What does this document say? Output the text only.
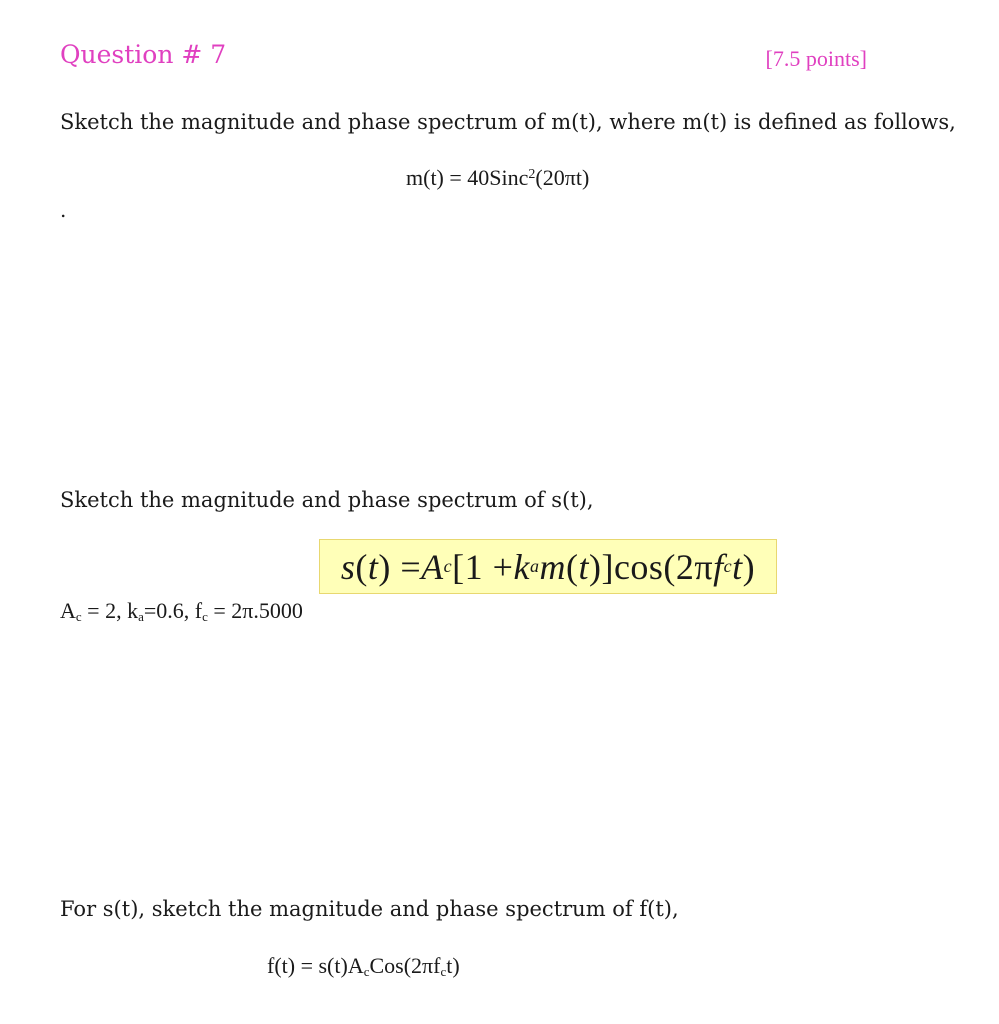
Question # 7	[7.5 points]
Sketch the magnitude and phase spectrum of m(t), where m(t) is defined as follows,
m(t) = 40Sinc$^2$(20πt)
.
Sketch the magnitude and phase spectrum of s(t),
s ( t ) = A c [1 + k a m ( t )]cos(2π f c t )
$A_c = 2$, $k_a=0.6$, $f_c = 2\pi.5000$
For s(t), sketch the magnitude and phase spectrum of f(t),
$f(t) = s(t)A_cCos(2\pi f_ct)$
